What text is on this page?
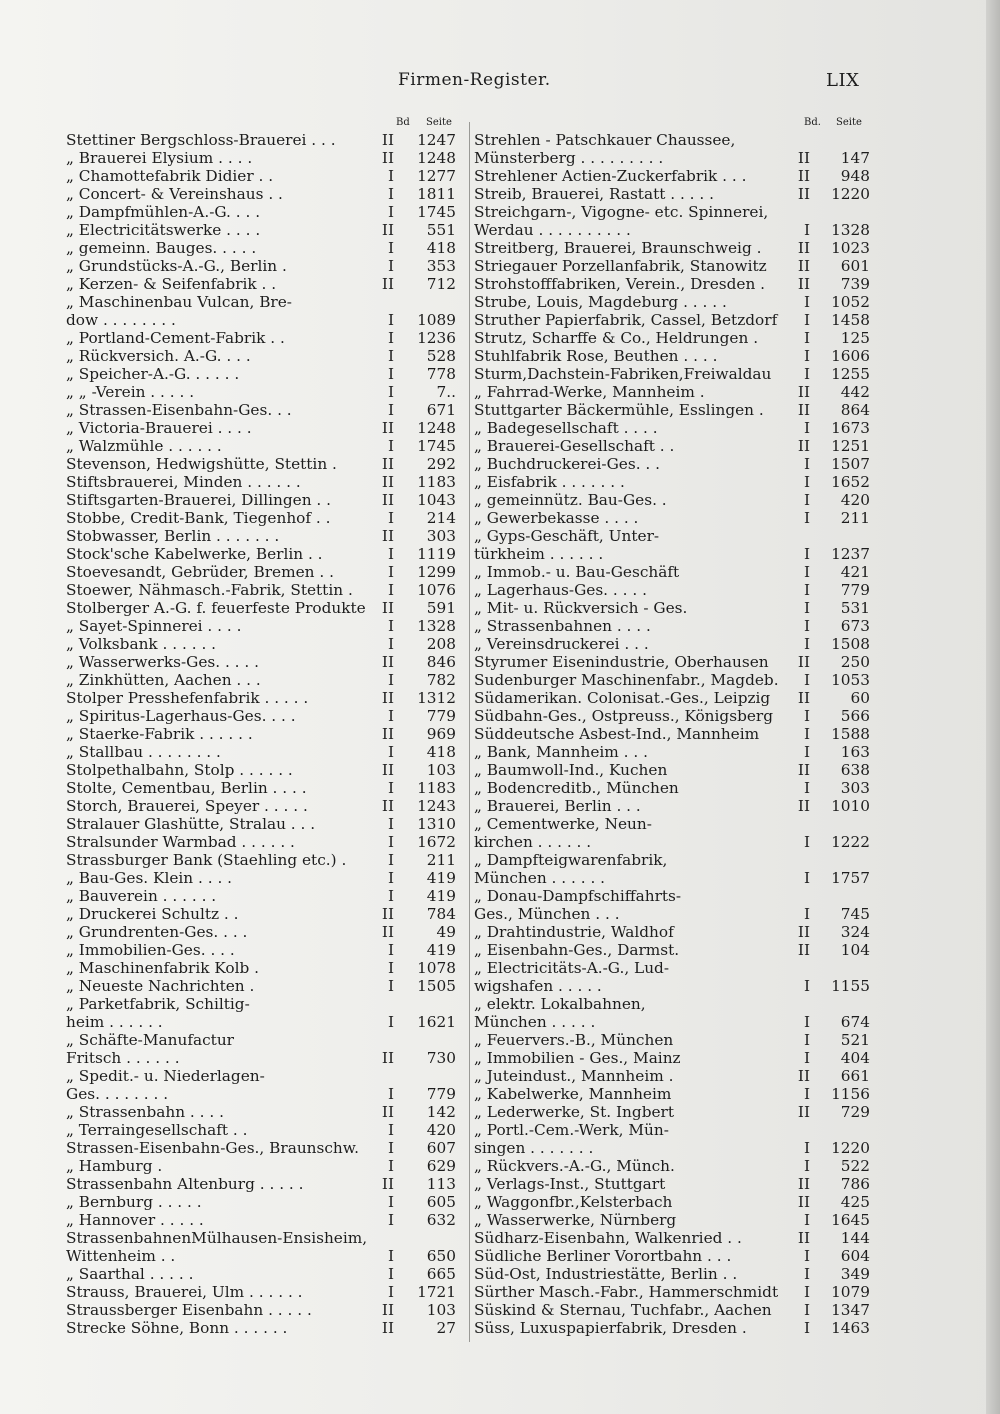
Firmen-Register.	LIX
Bd Seite
Stettiner Bergschloss-Brauerei . . .	II	1247
„ Brauerei Elysium . . . .	II	1248
„ Chamottefabrik Didier . .	I	1277
„ Concert- & Vereinshaus . .	I	1811
„ Dampfmühlen-A.-G. . . .	I	1745
„ Electricitätswerke . . . .	II	551
„ gemeinn. Bauges. . . . .	I	418
„ Grundstücks-A.-G., Berlin .	I	353
„ Kerzen- & Seifenfabrik . .	II	712
„ Maschinenbau Vulcan, Bre-
dow . . . . . . . .	I	1089
„ Portland-Cement-Fabrik . .	I	1236
„ Rückversich. A.-G. . . .	I	528
„ Speicher-A.-G. . . . . .	I	778
„ „ -Verein . . . . .	I	7..
„ Strassen-Eisenbahn-Ges. . .	I	671
„ Victoria-Brauerei . . . .	II	1248
„ Walzmühle . . . . . .	I	1745
Stevenson, Hedwigshütte, Stettin .	II	292
Stiftsbrauerei, Minden . . . . . .	II	1183
Stiftsgarten-Brauerei, Dillingen . .	II	1043
Stobbe, Credit-Bank, Tiegenhof . .	I	214
Stobwasser, Berlin . . . . . . .	II	303
Stock'sche Kabelwerke, Berlin . .	I	1119
Stoevesandt, Gebrüder, Bremen . .	I	1299
Stoewer, Nähmasch.-Fabrik, Stettin .	I	1076
Stolberger A.-G. f. feuerfeste Produkte	II	591
„ Sayet-Spinnerei . . . .	I	1328
„ Volksbank . . . . . .	I	208
„ Wasserwerks-Ges. . . . .	II	846
„ Zinkhütten, Aachen . . .	I	782
Stolper Presshefenfabrik . . . . .	II	1312
„ Spiritus-Lagerhaus-Ges. . . .	I	779
„ Staerke-Fabrik . . . . . .	II	969
„ Stallbau . . . . . . . .	I	418
Stolpethalbahn, Stolp . . . . . .	II	103
Stolte, Cementbau, Berlin . . . .	I	1183
Storch, Brauerei, Speyer . . . . .	II	1243
Stralauer Glashütte, Stralau . . .	I	1310
Stralsunder Warmbad . . . . . .	I	1672
Strassburger Bank (Staehling etc.) .	I	211
„ Bau-Ges. Klein . . . .	I	419
„ Bauverein . . . . . .	I	419
„ Druckerei Schultz . .	II	784
„ Grundrenten-Ges. . . .	II	49
„ Immobilien-Ges. . . .	I	419
„ Maschinenfabrik Kolb .	I	1078
„ Neueste Nachrichten .	I	1505
„ Parketfabrik, Schiltig-
heim . . . . . .	I	1621
„ Schäfte-Manufactur
Fritsch . . . . . .	II	730
„ Spedit.- u. Niederlagen-
Ges. . . . . . . .	I	779
„ Strassenbahn . . . .	II	142
„ Terraingesellschaft . .	I	420
Strassen-Eisenbahn-Ges., Braunschw.	I	607
„ Hamburg .	I	629
Strassenbahn Altenburg . . . . .	II	113
„ Bernburg . . . . .	I	605
„ Hannover . . . . .	I	632
StrassenbahnenMülhausen-Ensisheim,
Wittenheim . .	I	650
„ Saarthal . . . . .	I	665
Strauss, Brauerei, Ulm . . . . . .	I	1721
Straussberger Eisenbahn . . . . .	II	103
Strecke Söhne, Bonn . . . . . .	II	27
Bd. Seite
Strehlen - Patschkauer Chaussee,
Münsterberg . . . . . . . . .	II	147
Strehlener Actien-Zuckerfabrik . . .	II	948
Streib, Brauerei, Rastatt . . . . .	II	1220
Streichgarn-, Vigogne- etc. Spinnerei,
Werdau . . . . . . . . . .	I	1328
Streitberg, Brauerei, Braunschweig .	II	1023
Striegauer Porzellanfabrik, Stanowitz	II	601
Strohstofffabriken, Verein., Dresden .	II	739
Strube, Louis, Magdeburg . . . . .	I	1052
Struther Papierfabrik, Cassel, Betzdorf	I	1458
Strutz, Scharffe & Co., Heldrungen .	I	125
Stuhlfabrik Rose, Beuthen . . . .	I	1606
Sturm,Dachstein-Fabriken,Freiwaldau	I	1255
„ Fahrrad-Werke, Mannheim .	II	442
Stuttgarter Bäckermühle, Esslingen .	II	864
„ Badegesellschaft . . . .	I	1673
„ Brauerei-Gesellschaft . .	II	1251
„ Buchdruckerei-Ges. . .	I	1507
„ Eisfabrik . . . . . . .	I	1652
„ gemeinnütz. Bau-Ges. .	I	420
„ Gewerbekasse . . . .	I	211
„ Gyps-Geschäft, Unter-
türkheim . . . . . .	I	1237
„ Immob.- u. Bau-Geschäft	I	421
„ Lagerhaus-Ges. . . . .	I	779
„ Mit- u. Rückversich - Ges.	I	531
„ Strassenbahnen . . . .	I	673
„ Vereinsdruckerei . . .	I	1508
Styrumer Eisenindustrie, Oberhausen	II	250
Sudenburger Maschinenfabr., Magdeb.	I	1053
Südamerikan. Colonisat.-Ges., Leipzig	II	60
Südbahn-Ges., Ostpreuss., Königsberg	I	566
Süddeutsche Asbest-Ind., Mannheim	I	1588
„ Bank, Mannheim . . .	I	163
„ Baumwoll-Ind., Kuchen	II	638
„ Bodencreditb., München	I	303
„ Brauerei, Berlin . . .	II	1010
„ Cementwerke, Neun-
kirchen . . . . . .	I	1222
„ Dampfteigwarenfabrik,
München . . . . . .	I	1757
„ Donau-Dampfschiffahrts-
Ges., München . . .	I	745
„ Drahtindustrie, Waldhof	II	324
„ Eisenbahn-Ges., Darmst.	II	104
„ Electricitäts-A.-G., Lud-
wigshafen . . . . .	I	1155
„ elektr. Lokalbahnen,
München . . . . .	I	674
„ Feuervers.-B., München	I	521
„ Immobilien - Ges., Mainz	I	404
„ Juteindust., Mannheim .	II	661
„ Kabelwerke, Mannheim	I	1156
„ Lederwerke, St. Ingbert	II	729
„ Portl.-Cem.-Werk, Mün-
singen . . . . . . .	I	1220
„ Rückvers.-A.-G., Münch.	I	522
„ Verlags-Inst., Stuttgart	II	786
„ Waggonfbr.,Kelsterbach	II	425
„ Wasserwerke, Nürnberg	I	1645
Südharz-Eisenbahn, Walkenried . .	II	144
Südliche Berliner Vorortbahn . . .	I	604
Süd-Ost, Industriestätte, Berlin . .	I	349
Sürther Masch.-Fabr., Hammerschmidt	I	1079
Süskind & Sternau, Tuchfabr., Aachen	I	1347
Süss, Luxuspapierfabrik, Dresden .	I	1463
